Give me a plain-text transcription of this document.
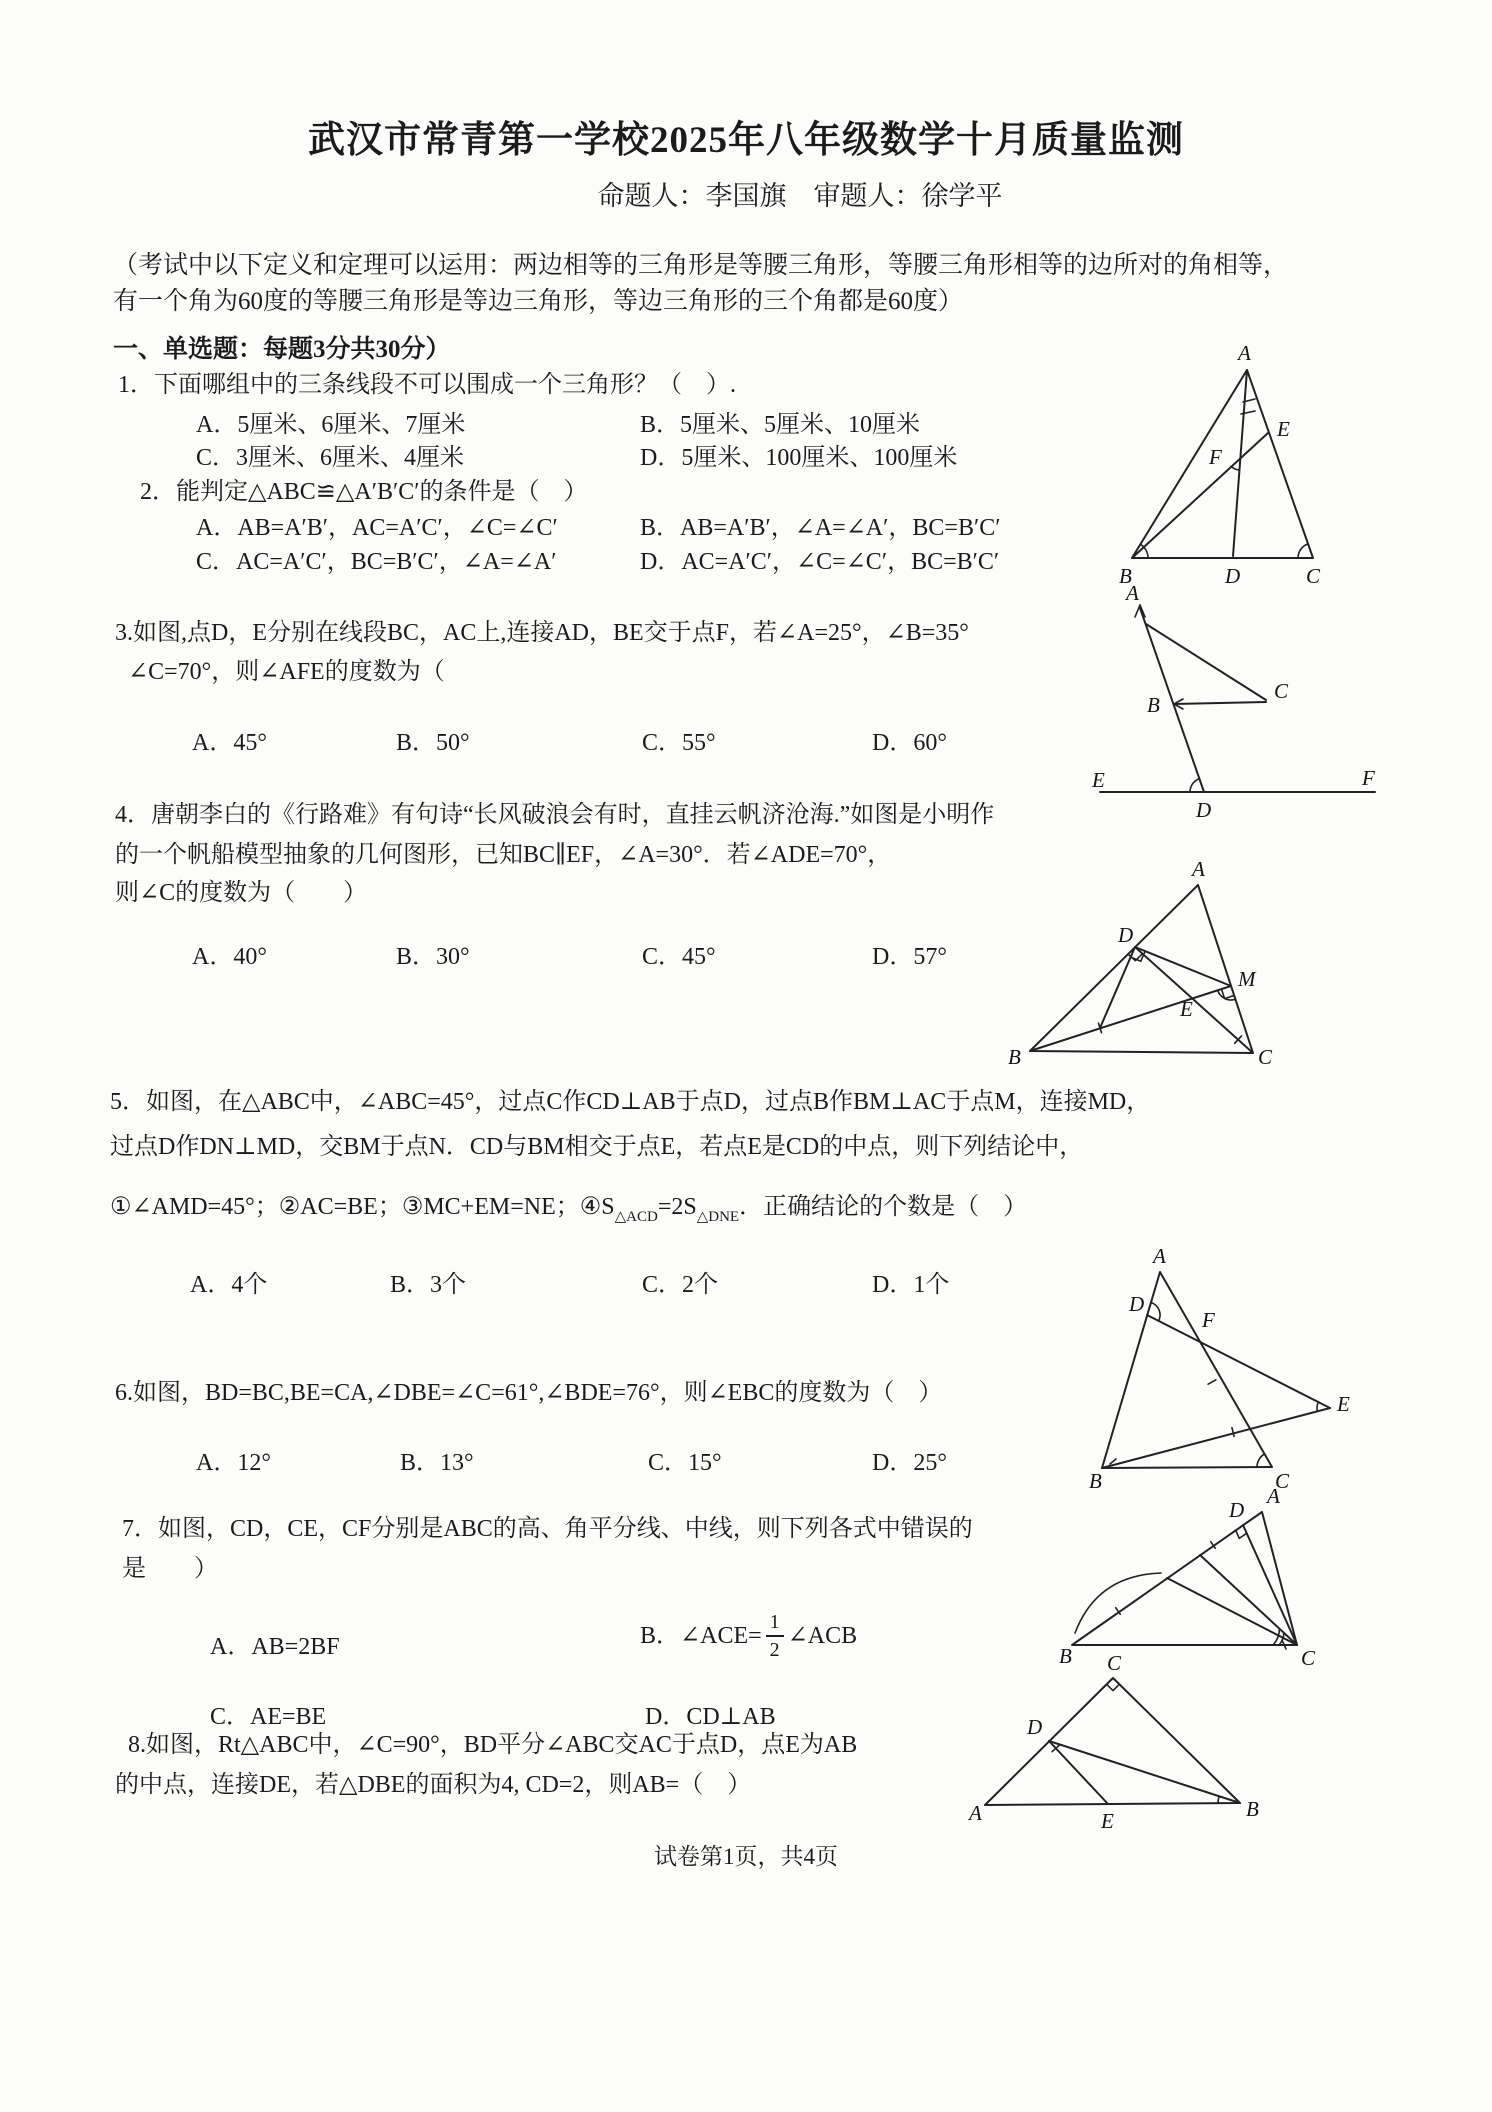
武汉市常青第一学校2025年八年级数学十月质量监测
命题人：李国旗　审题人：徐学平
（考试中以下定义和定理可以运用：两边相等的三角形是等腰三角形，等腰三角形相等的边所对的角相等，
有一个角为60度的等腰三角形是等边三角形，等边三角形的三个角都是60度）
一、单选题：每题3分共30分）
1．下面哪组中的三条线段不可以围成一个三角形？（　）.
A．5厘米、6厘米、7厘米	B．5厘米、5厘米、10厘米
C．3厘米、6厘米、4厘米	D．5厘米、100厘米、100厘米
2．能判定△ABC≌△A′B′C′的条件是（　）
A．AB=A′B′，AC=A′C′，∠C=∠C′	B．AB=A′B′，∠A=∠A′，BC=B′C′
C．AC=A′C′，BC=B′C′，∠A=∠A′	D．AC=A′C′，∠C=∠C′，BC=B′C′
3.如图,点D，E分别在线段BC，AC上,连接AD，BE交于点F，若∠A=25°，∠B=35°
∠C=70°，则∠AFE的度数为（
A．45°	B．50°	C．55°	D．60°
4．唐朝李白的《行路难》有句诗“长风破浪会有时，直挂云帆济沧海.”如图是小明作
的一个帆船模型抽象的几何图形，已知BC∥EF，∠A=30°．若∠ADE=70°，
则∠C的度数为（　　）
A．40°	B．30°	C．45°	D．57°
5．如图，在△ABC中，∠ABC=45°，过点C作CD⊥AB于点D，过点B作BM⊥AC于点M，连接MD，
过点D作DN⊥MD，交BM于点N．CD与BM相交于点E，若点E是CD的中点，则下列结论中，
①∠AMD=45°；②AC=BE；③MC+EM=NE；$④S_{\triangle ACD}=2S_{\triangle DNE}$．正确结论的个数是（　）
A．4个	B．3个	C．2个	D．1个
6.如图，BD=BC,BE=CA,∠DBE=∠C=61°,∠BDE=76°，则∠EBC的度数为（　）
A．12°	B．13°	C．15°	D．25°
7．如图，CD，CE，CF分别是ABC的高、角平分线、中线，则下列各式中错误的
是　　）
A．AB=2BF	B．∠ACE= $\frac{1}{2}$ ∠ACB
C．AE=BE	D．CD⊥AB
8.如图，Rt△ABC中，∠C=90°，BD平分∠ABC交AC于点D，点E为AB
的中点，连接DE，若△DBE的面积为4, CD=2，则AB=（　）
试卷第1页，共4页
A
B	D	C
E
F
A
B
C
E	F
D
A
B	C
D
M
E
A
D
F
E
B	C
B	C
A
D
C
D
A	E	B
